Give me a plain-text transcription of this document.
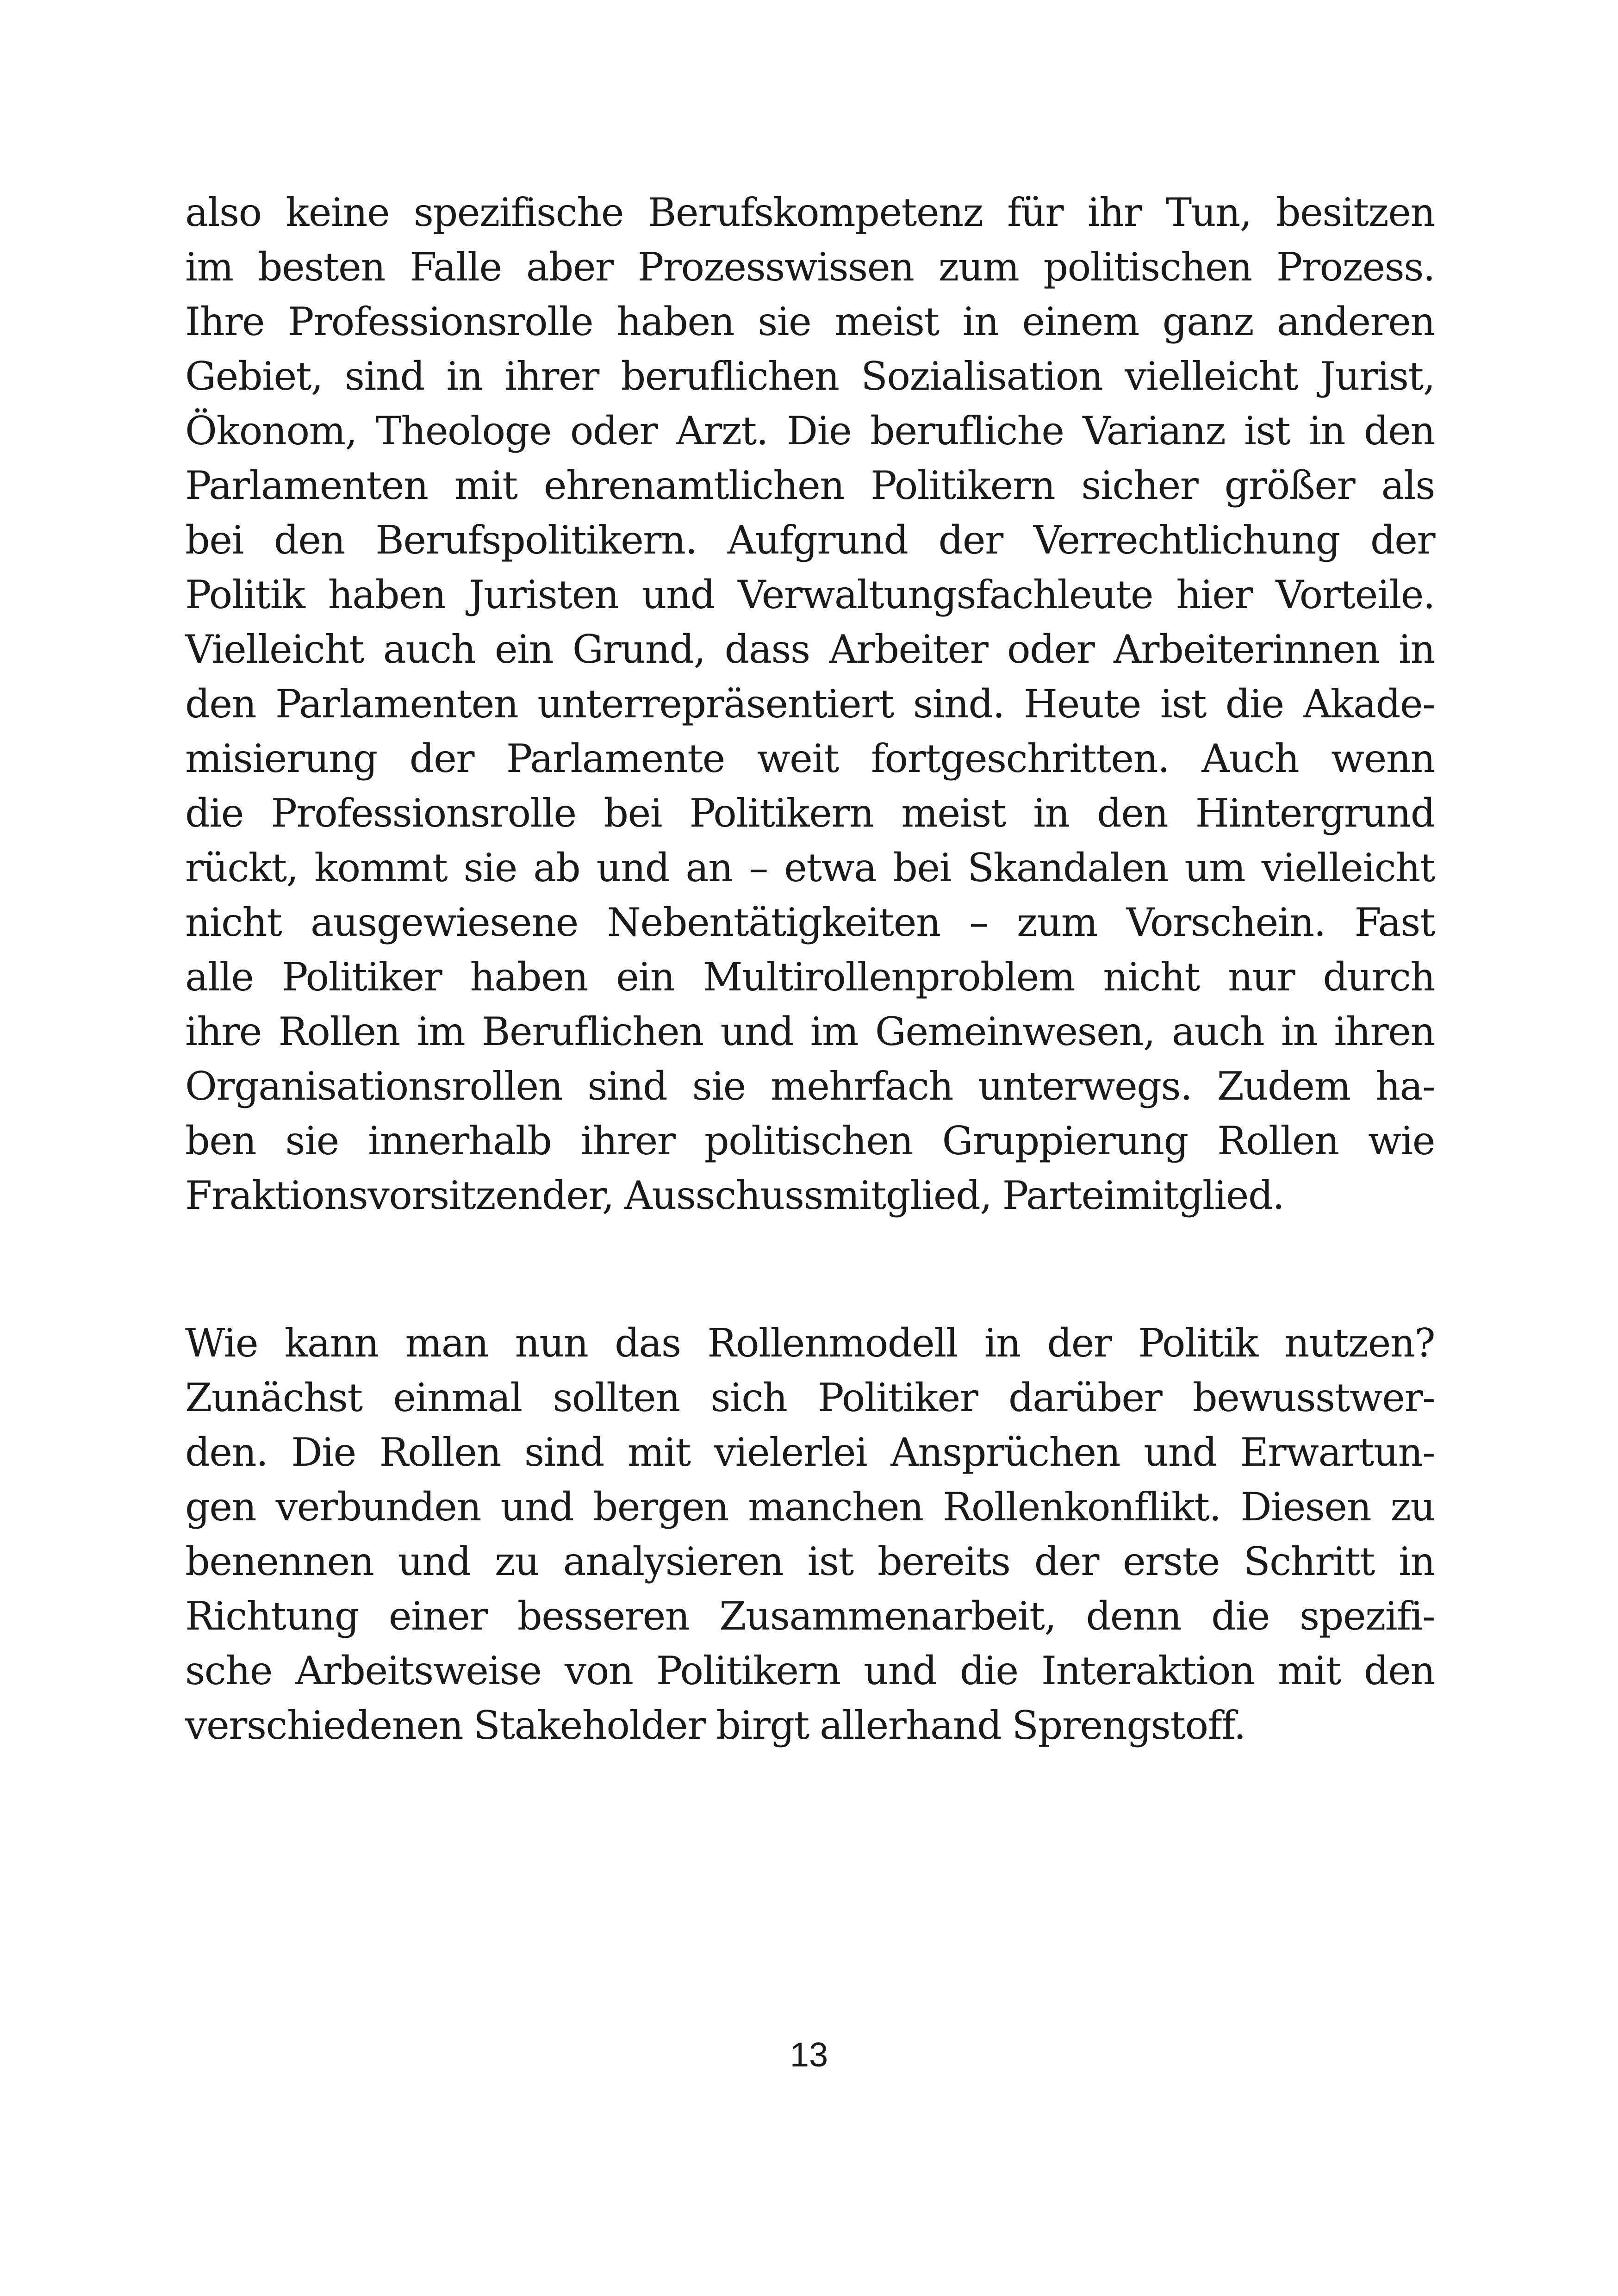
also keine spezifische Berufskompetenz für ihr Tun, besitzen
im besten Falle aber Prozesswissen zum politischen Prozess.
Ihre Professionsrolle haben sie meist in einem ganz anderen
Gebiet, sind in ihrer beruflichen Sozialisation vielleicht Jurist,
Ökonom, Theologe oder Arzt. Die berufliche Varianz ist in den
Parlamenten mit ehrenamtlichen Politikern sicher größer als
bei den Berufspolitikern. Aufgrund der Verrechtlichung der
Politik haben Juristen und Verwaltungsfachleute hier Vorteile.
Vielleicht auch ein Grund, dass Arbeiter oder Arbeiterinnen in
den Parlamenten unterrepräsentiert sind. Heute ist die Akade-
misierung der Parlamente weit fortgeschritten. Auch wenn
die Professionsrolle bei Politikern meist in den Hintergrund
rückt, kommt sie ab und an – etwa bei Skandalen um vielleicht
nicht ausgewiesene Nebentätigkeiten – zum Vorschein. Fast
alle Politiker haben ein Multirollenproblem nicht nur durch
ihre Rollen im Beruflichen und im Gemeinwesen, auch in ihren
Organisationsrollen sind sie mehrfach unterwegs. Zudem ha-
ben sie innerhalb ihrer politischen Gruppierung Rollen wie
Fraktionsvorsitzender, Ausschussmitglied, Parteimitglied.
Wie kann man nun das Rollenmodell in der Politik nutzen?
Zunächst einmal sollten sich Politiker darüber bewusstwer-
den. Die Rollen sind mit vielerlei Ansprüchen und Erwartun-
gen verbunden und bergen manchen Rollenkonflikt. Diesen zu
benennen und zu analysieren ist bereits der erste Schritt in
Richtung einer besseren Zusammenarbeit, denn die spezifi-
sche Arbeitsweise von Politikern und die Interaktion mit den
verschiedenen Stakeholder birgt allerhand Sprengstoff.
13
